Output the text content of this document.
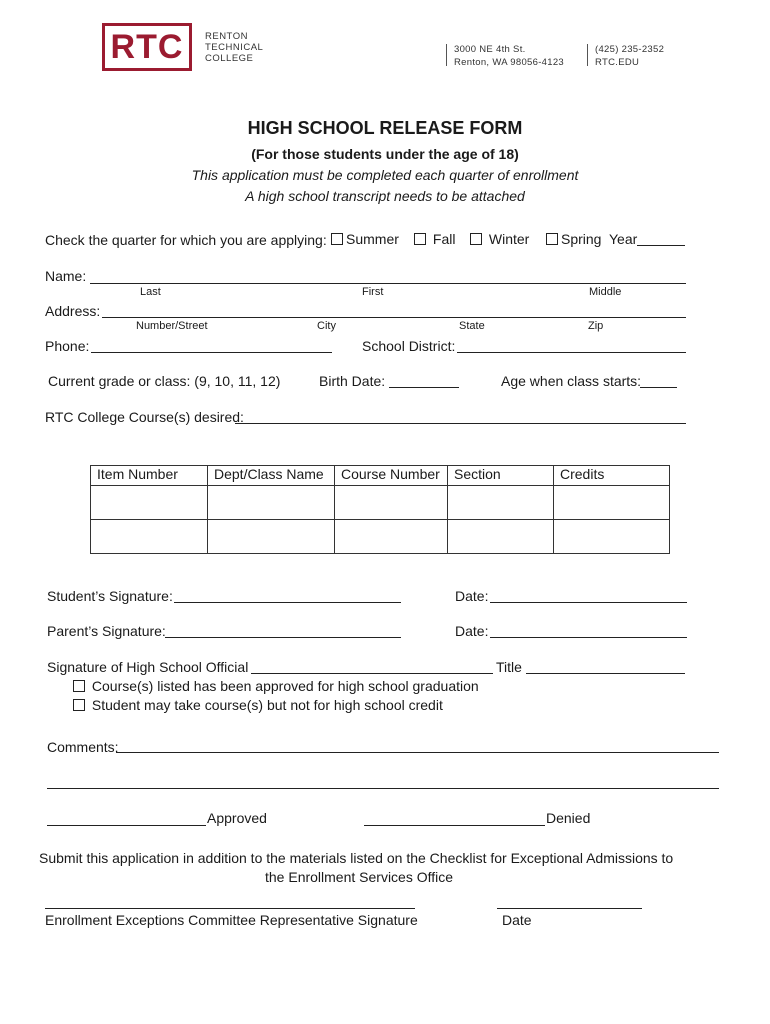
RTC	RENTON
TECHNICAL
COLLEGE
3000 NE 4th St.
Renton, WA 98056-4123
(425) 235-2352
RTC.EDU
HIGH SCHOOL RELEASE FORM
(For those students under the age of 18)
This application must be completed each quarter of enrollment
A high school transcript needs to be attached
Check the quarter for which you are applying:	Summer	Fall	Winter	Spring Year
Name:
Last	First	Middle
Address:
Number/Street	City	State	Zip
Phone:	School District:
Current grade or class: (9, 10, 11, 12)	Birth Date:	Age when class starts:
RTC College Course(s) desired:
Item Number	Dept/Class Name	Course Number	Section	Credits

Student’s Signature:	Date:
Parent’s Signature:	Date:
Signature of High School Official	Title
Course(s) listed has been approved for high school graduation
Student may take course(s) but not for high school credit
Comments:
Approved	Denied
Submit this application in addition to the materials listed on the Checklist for Exceptional Admissions to
the Enrollment Services Office
Enrollment Exceptions Committee Representative Signature	Date
